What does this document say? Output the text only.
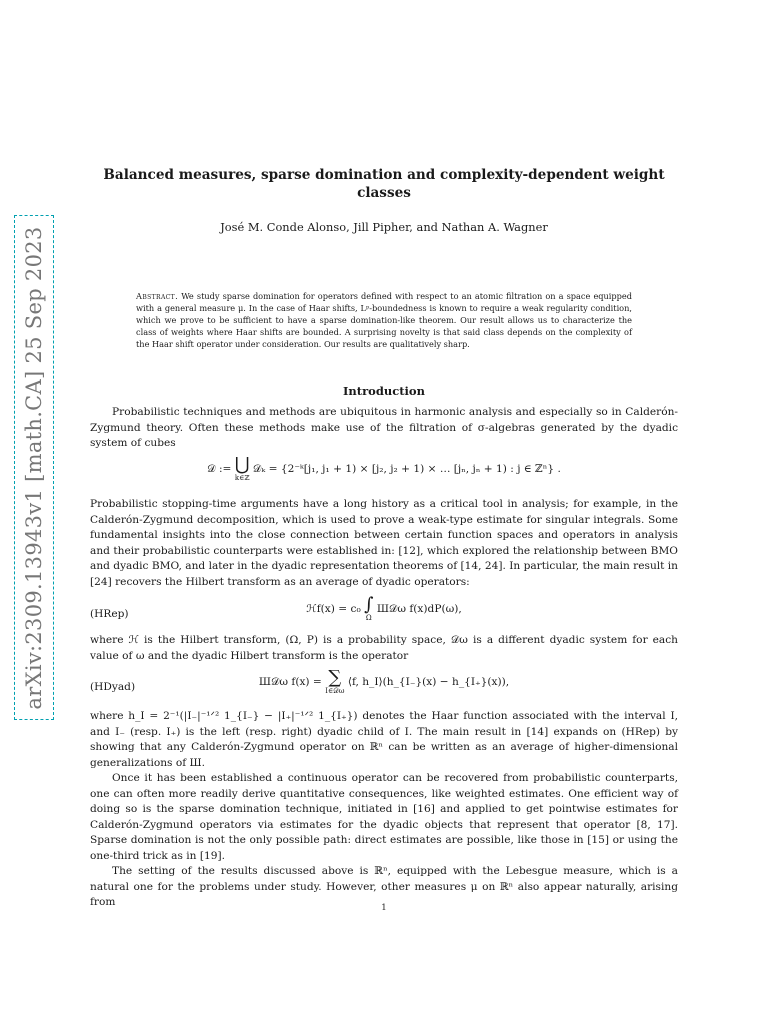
arXiv:2309.13943v1 [math.CA] 25 Sep 2023
Balanced measures, sparse domination and complexity-dependent weight classes

José M. Conde Alonso, Jill Pipher, and Nathan A. Wagner

Abstract. We study sparse domination for operators defined with respect to an atomic filtration on a space equipped with a general measure μ. In the case of Haar shifts, Lᵖ-boundedness is known to require a weak regularity condition, which we prove to be sufficient to have a sparse domination-like theorem. Our result allows us to characterize the class of weights where Haar shifts are bounded. A surprising novelty is that said class depends on the complexity of the Haar shift operator under consideration. Our results are qualitatively sharp.

Introduction

Probabilistic techniques and methods are ubiquitous in harmonic analysis and especially so in Calderón-Zygmund theory. Often these methods make use of the filtration of σ-algebras generated by the dyadic system of cubes

𝒟 := ⋃
k∈ℤ
𝒟ₖ = {2⁻ᵏ[j₁, j₁ + 1) × [j₂, j₂ + 1) × … [jₙ, jₙ + 1) : j ∈ ℤⁿ} .

Probabilistic stopping-time arguments have a long history as a critical tool in analysis; for example, in the Calderón-Zygmund decomposition, which is used to prove a weak-type estimate for singular integrals. Some fundamental insights into the close connection between certain function spaces and operators in analysis and their probabilistic counterparts were established in: [12], which explored the relationship between BMO and dyadic BMO, and later in the dyadic representation theorems of [14, 24]. In particular, the main result in [24] recovers the Hilbert transform as an average of dyadic operators:

(HRep)	ℋf(x) = c₀ ∫
Ω
Ш𝒟ω f(x)dP(ω),

where ℋ is the Hilbert transform, (Ω, P) is a probability space, 𝒟ω is a different dyadic system for each value of ω and the dyadic Hilbert transform is the operator

(HDyad)	Ш𝒟ω f(x) = ∑
I∈𝒟ω
⟨f, h_I⟩(h_{I₋}(x) − h_{I₊}(x)),

where h_I = 2⁻¹(|I₋|⁻¹ᐟ² 1_{I₋} − |I₊|⁻¹ᐟ² 1_{I₊}) denotes the Haar function associated with the interval I, and I₋ (resp. I₊) is the left (resp. right) dyadic child of I. The main result in [14] expands on (HRep) by showing that any Calderón-Zygmund operator on ℝⁿ can be written as an average of higher-dimensional generalizations of Ш.

Once it has been established a continuous operator can be recovered from probabilistic counterparts, one can often more readily derive quantitative consequences, like weighted estimates. One efficient way of doing so is the sparse domination technique, initiated in [16] and applied to get pointwise estimates for Calderón-Zygmund operators via estimates for the dyadic objects that represent that operator [8, 17]. Sparse domination is not the only possible path: direct estimates are possible, like those in [15] or using the one-third trick as in [19].

The setting of the results discussed above is ℝⁿ, equipped with the Lebesgue measure, which is a natural one for the problems under study. However, other measures μ on ℝⁿ also appear naturally, arising from	1
